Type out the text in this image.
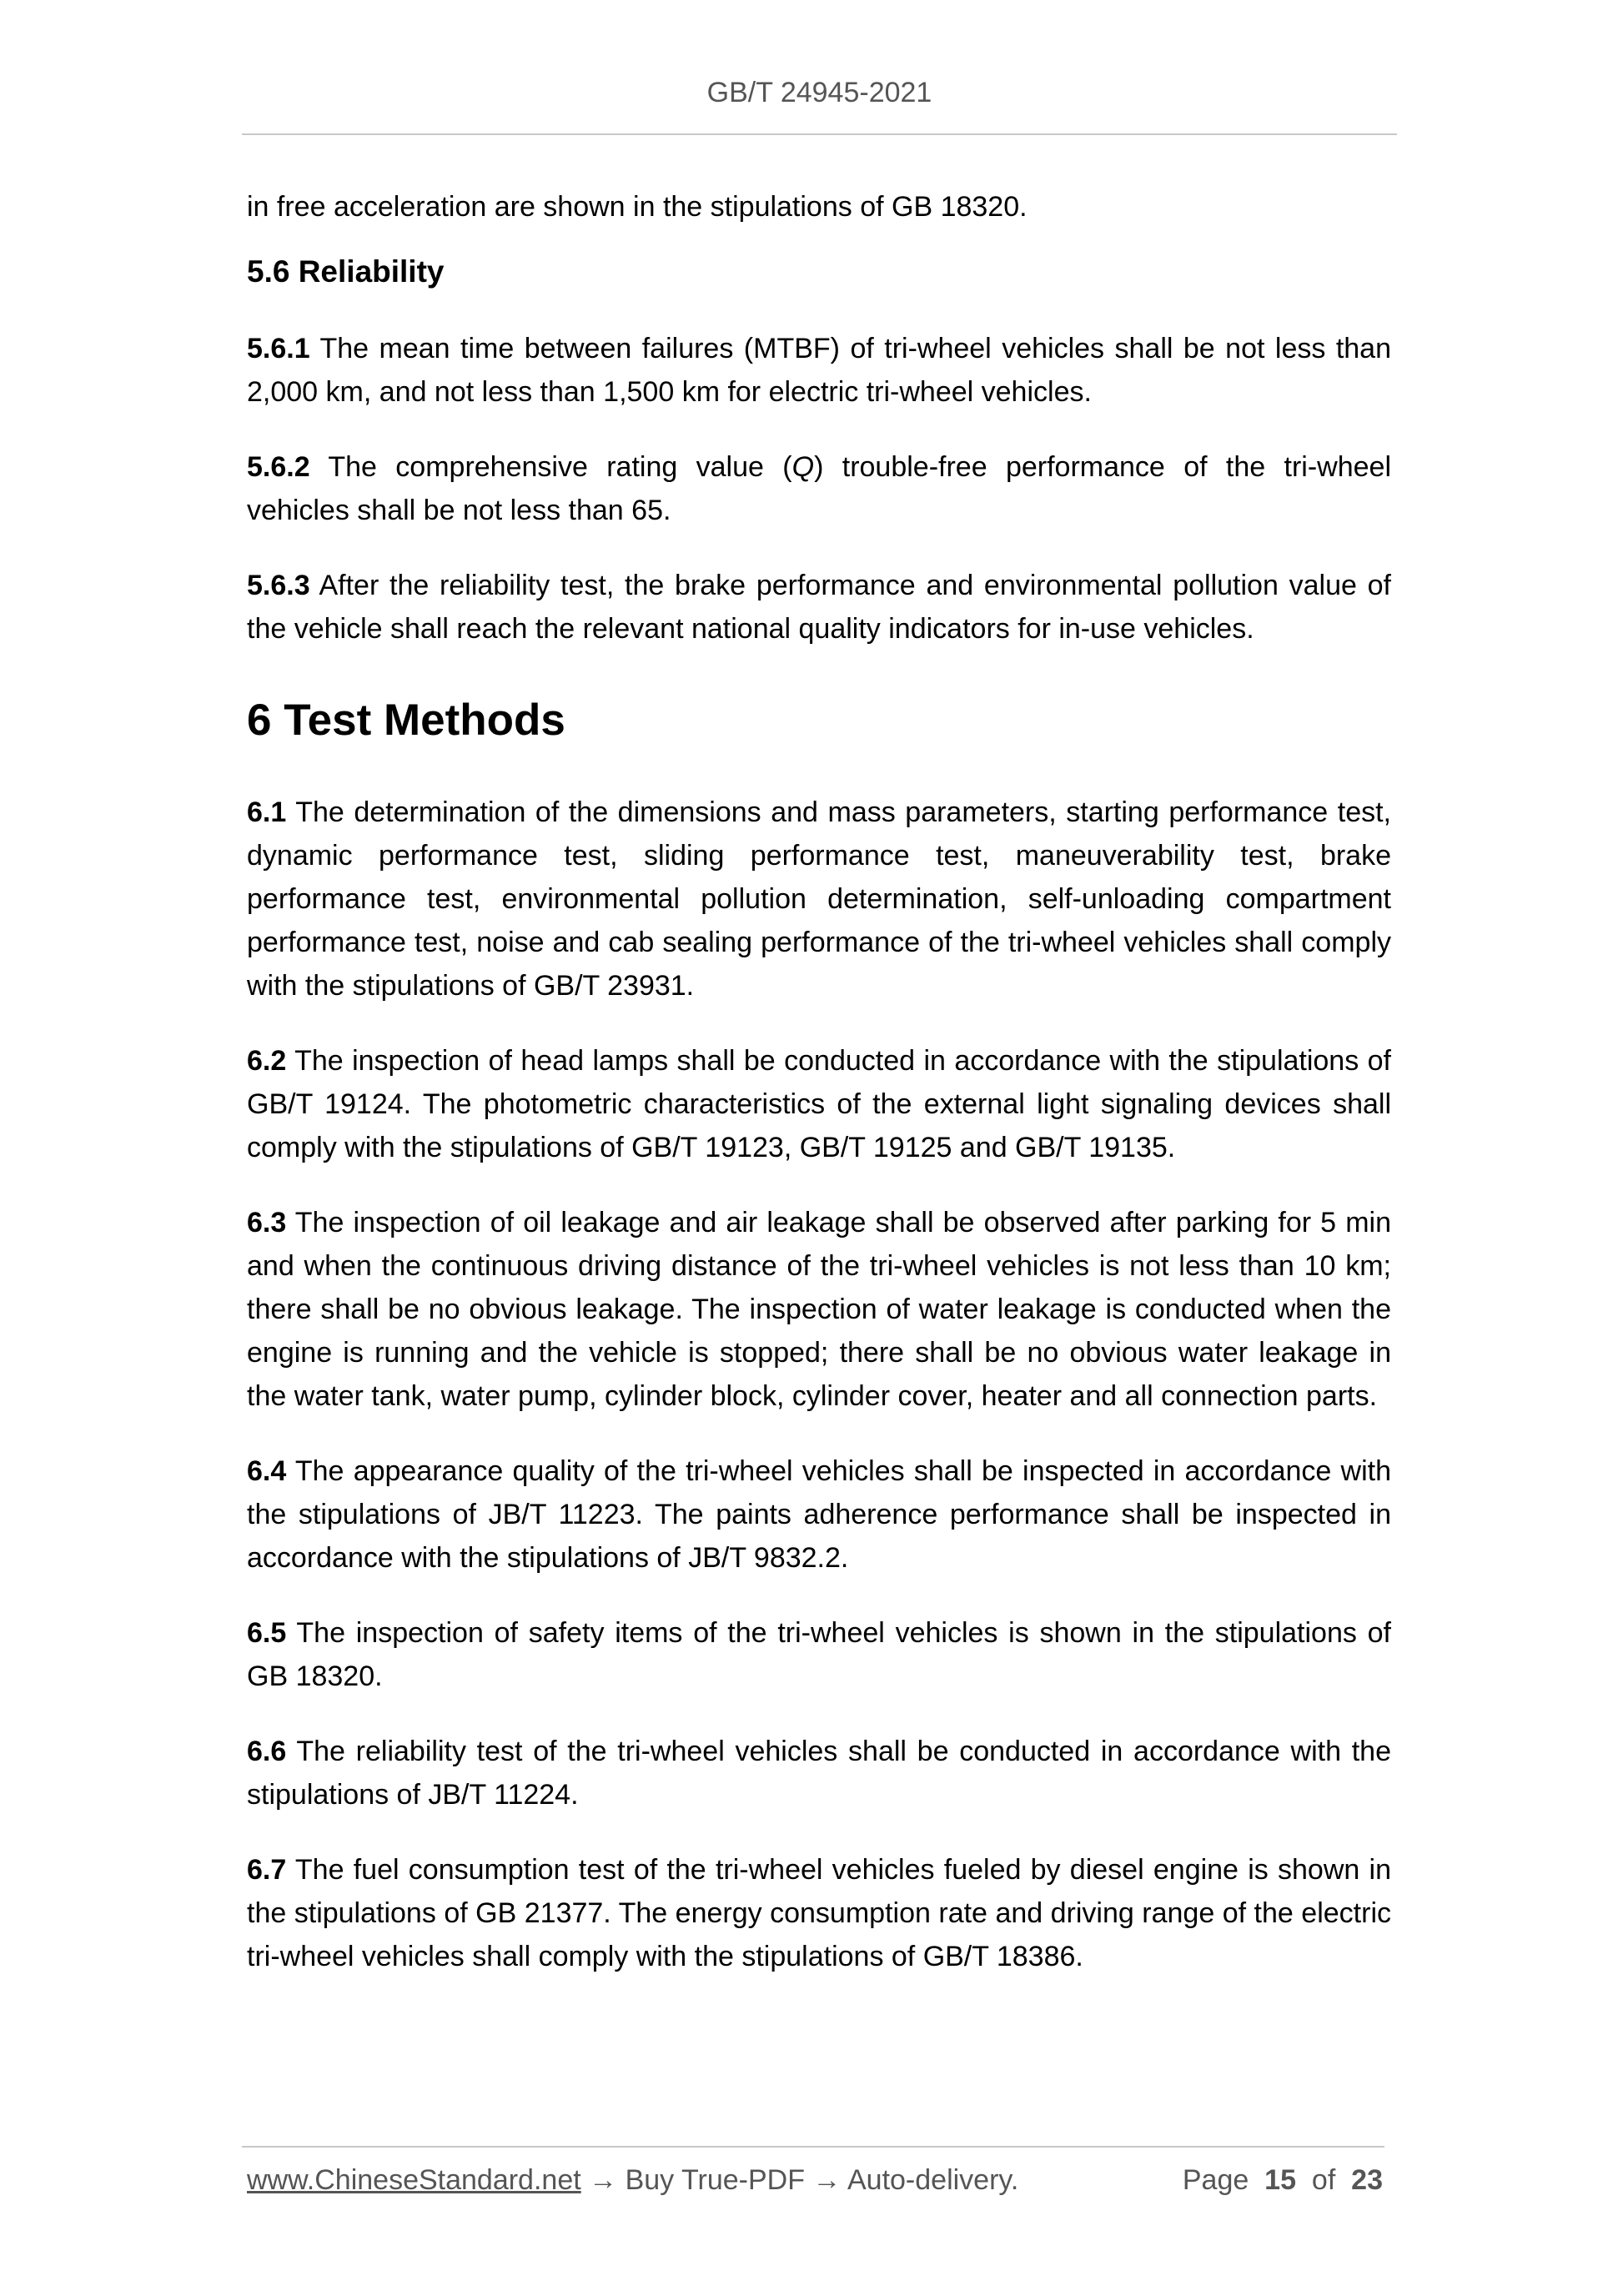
GB/T 24945-2021

in free acceleration are shown in the stipulations of GB 18320.

5.6 Reliability

5.6.1 The mean time between failures (MTBF) of tri-wheel vehicles shall be not less than 2,000 km, and not less than 1,500 km for electric tri-wheel vehicles.

5.6.2 The comprehensive rating value (Q) trouble-free performance of the tri-wheel vehicles shall be not less than 65.

5.6.3 After the reliability test, the brake performance and environmental pollution value of the vehicle shall reach the relevant national quality indicators for in-use vehicles.

6 Test Methods

6.1 The determination of the dimensions and mass parameters, starting performance test, dynamic performance test, sliding performance test, maneuverability test, brake performance test, environmental pollution determination, self-unloading compartment performance test, noise and cab sealing performance of the tri-wheel vehicles shall comply with the stipulations of GB/T 23931.

6.2 The inspection of head lamps shall be conducted in accordance with the stipulations of GB/T 19124. The photometric characteristics of the external light signaling devices shall comply with the stipulations of GB/T 19123, GB/T 19125 and GB/T 19135.

6.3 The inspection of oil leakage and air leakage shall be observed after parking for 5 min and when the continuous driving distance of the tri-wheel vehicles is not less than 10 km; there shall be no obvious leakage. The inspection of water leakage is conducted when the engine is running and the vehicle is stopped; there shall be no obvious water leakage in the water tank, water pump, cylinder block, cylinder cover, heater and all connection parts.

6.4 The appearance quality of the tri-wheel vehicles shall be inspected in accordance with the stipulations of JB/T 11223. The paints adherence performance shall be inspected in accordance with the stipulations of JB/T 9832.2.

6.5 The inspection of safety items of the tri-wheel vehicles is shown in the stipulations of GB 18320.

6.6 The reliability test of the tri-wheel vehicles shall be conducted in accordance with the stipulations of JB/T 11224.

6.7 The fuel consumption test of the tri-wheel vehicles fueled by diesel engine is shown in the stipulations of GB 21377. The energy consumption rate and driving range of the electric tri-wheel vehicles shall comply with the stipulations of GB/T 18386.

www.ChineseStandard.net → Buy True-PDF → Auto-delivery.	Page 15 of 23
